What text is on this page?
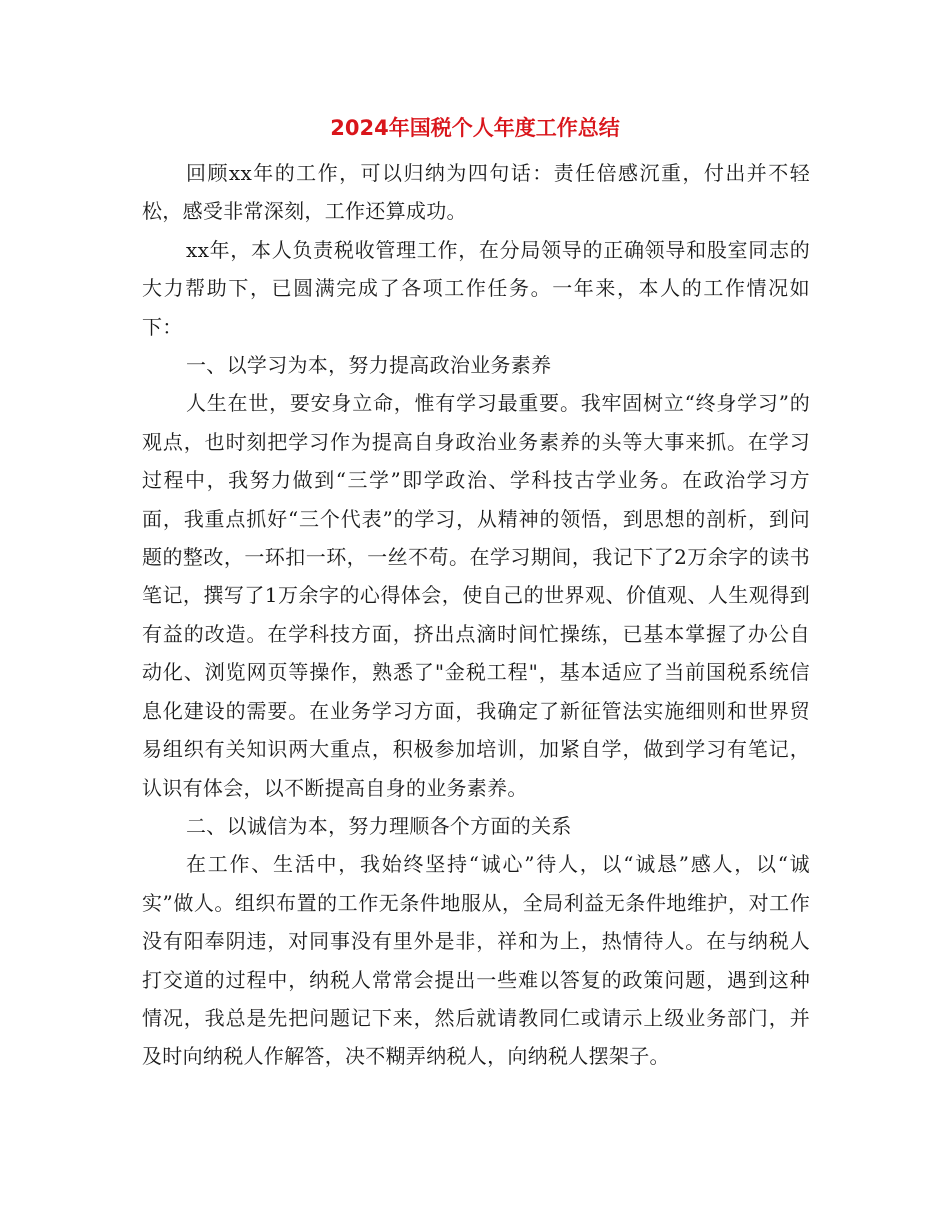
2024年国税个人年度工作总结

回顾xx年的工作，可以归纳为四句话：责任倍感沉重，付出并不轻松，感受非常深刻，工作还算成功。

xx年，本人负责税收管理工作，在分局领导的正确领导和股室同志的大力帮助下，已圆满完成了各项工作任务。一年来，本人的工作情况如下：

一、以学习为本，努力提高政治业务素养

人生在世，要安身立命，惟有学习最重要。我牢固树立“终身学习”的观点，也时刻把学习作为提高自身政治业务素养的头等大事来抓。在学习过程中，我努力做到“三学”即学政治、学科技古学业务。在政治学习方面，我重点抓好“三个代表”的学习，从精神的领悟，到思想的剖析，到问题的整改，一环扣一环，一丝不苟。在学习期间，我记下了2万余字的读书笔记，撰写了1万余字的心得体会，使自己的世界观、价值观、人生观得到有益的改造。在学科技方面，挤出点滴时间忙操练，已基本掌握了办公自动化、浏览网页等操作，熟悉了"金税工程"，基本适应了当前国税系统信息化建设的需要。在业务学习方面，我确定了新征管法实施细则和世界贸易组织有关知识两大重点，积极参加培训，加紧自学，做到学习有笔记，认识有体会，以不断提高自身的业务素养。

二、以诚信为本，努力理顺各个方面的关系

在工作、生活中，我始终坚持“诚心”待人，以“诚恳”感人，以“诚实”做人。组织布置的工作无条件地服从，全局利益无条件地维护，对工作没有阳奉阴违，对同事没有里外是非，祥和为上，热情待人。在与纳税人打交道的过程中，纳税人常常会提出一些难以答复的政策问题，遇到这种情况，我总是先把问题记下来，然后就请教同仁或请示上级业务部门，并及时向纳税人作解答，决不糊弄纳税人，向纳税人摆架子。
